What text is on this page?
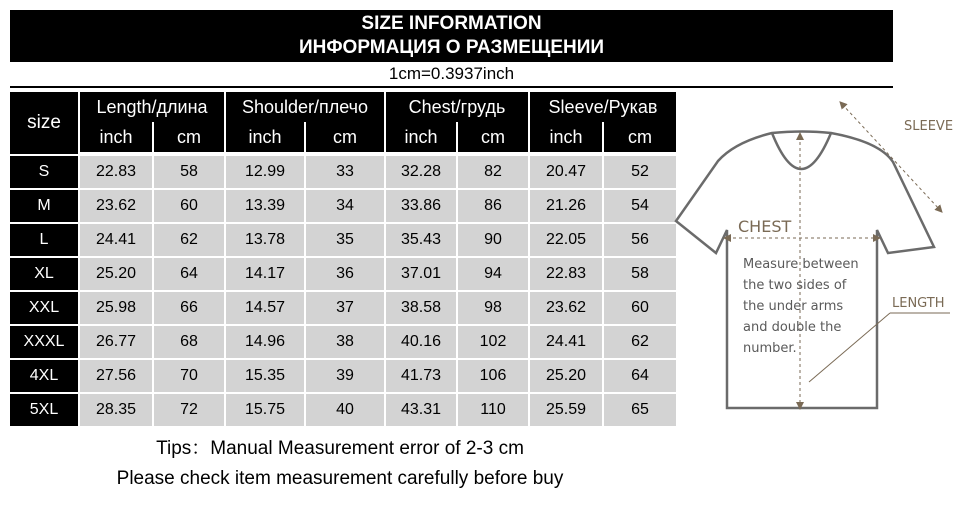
SIZE INFORMATION
ИНФОРМАЦИЯ О РАЗМЕЩЕНИИ
1cm=0.3937inch
size
Length/длина	Shoulder/плечо	Chest/грудь	Sleeve/Рукав
inch	cm	inch	cm	inch	cm	inch	cm
S	22.83	58	12.99	33	32.28	82	20.47	52
M	23.62	60	13.39	34	33.86	86	21.26	54
L	24.41	62	13.78	35	35.43	90	22.05	56
XL	25.20	64	14.17	36	37.01	94	22.83	58
XXL	25.98	66	14.57	37	38.58	98	23.62	60
XXXL	26.77	68	14.96	38	40.16	102	24.41	62
4XL	27.56	70	15.35	39	41.73	106	25.20	64
5XL	28.35	72	15.75	40	43.31	110	25.59	65
Tips：Manual Measurement error of 2-3 cm
Please check item measurement carefully before buy
SLEEVE
CHEST
LENGTH
Measure between
the two sides of
the under arms
and double the
number.
